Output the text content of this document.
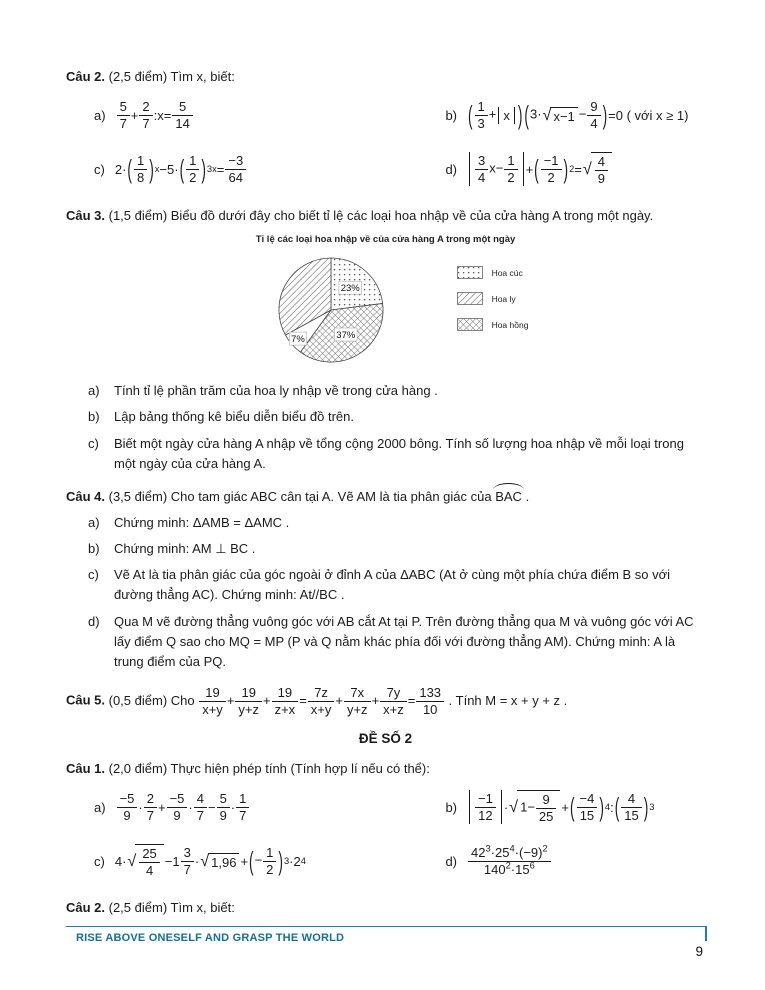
Câu 2. (2,5 điểm) Tìm x, biết:
a)
5
7
+
2
7
:x=
5
14
b) ( $\frac{1}{3} + x$ ) ( 3· √ $x-1 - \frac{9}{4}$ ) =0 ( với x ≥ 1)
c) 2· ( $\frac{1}{8}$ ) x −5· ( $\frac{1}{2}$ ) 3x =
−3
64
$d) \frac{3}{4} x- \frac{1}{2}$ + ( $\frac{-1}{2}$ ) 2 = √ $\frac{4}{9}$
Câu 3. (1,5 điểm) Biểu đồ dưới đây cho biết tỉ lệ các loại hoa nhập về của cửa hàng A trong một ngày.
Tỉ lệ các loại hoa nhập về của cửa hàng A trong một ngày
23%
37%
7%
Hoa cúc
Hoa ly
Hoa hồng
a)	Tính tỉ lệ phần trăm của hoa ly nhập về trong cửa hàng .
b)	Lập bảng thống kê biểu diễn biểu đồ trên.
c)	Biết một ngày cửa hàng A nhập về tổng cộng 2000 bông. Tính số lượng hoa nhập về mỗi loại trong một ngày của cửa hàng A.
Câu 4. (3,5 điểm) Cho tam giác ABC cân tại A. Vẽ AM là tia phân giác của BAC .
a)	Chứng minh: ΔAMB = ΔAMC .
b)	Chứng minh: AM ⊥ BC .
c)	Vẽ At là tia phân giác của góc ngoài ở đỉnh A của ΔABC (At ở cùng một phía chứa điểm B so với đường thẳng AC). Chứng minh: At//BC .
d)	Qua M vẽ đường thẳng vuông góc với AB cắt At tại P. Trên đường thẳng qua M và vuông góc với AC lấy điểm Q sao cho MQ = MP (P và Q nằm khác phía đối với đường thẳng AM). Chứng minh: A là trung điểm của PQ.
Câu 5. (0,5 điểm) Cho $\frac{19}{x+y} + \frac{19}{y+z} + \frac{19}{z+x} = \frac{7z}{x+y} + \frac{7x}{y+z} + \frac{7y}{x+z} = \frac{133}{10}$ . Tính M = x + y + z .
ĐỀ SỐ 2
Câu 1. (2,0 điểm) Thực hiện phép tính (Tính hợp lí nếu có thể):
a)
−5
9
·
2
7
+
−5
9
·
4
7
−
5
9
·
1
7
$b) \frac{-1}{12}$ · √ $1- \frac{9}{25}$ + ( $\frac{-4}{15}$ ) 4 : ( $\frac{4}{15}$ ) 3
c) 4· √ $\frac{25}{4} -1$
3
7
· √ 1,96 + ( − $\frac{1}{2}$ ) 3 ·2 4	d)
$42^3\cdot 25^4\cdot(-9)^2$
$140^2\cdot 15^6$
Câu 2. (2,5 điểm) Tìm x, biết:
RISE ABOVE ONESELF AND GRASP THE WORLD
9
